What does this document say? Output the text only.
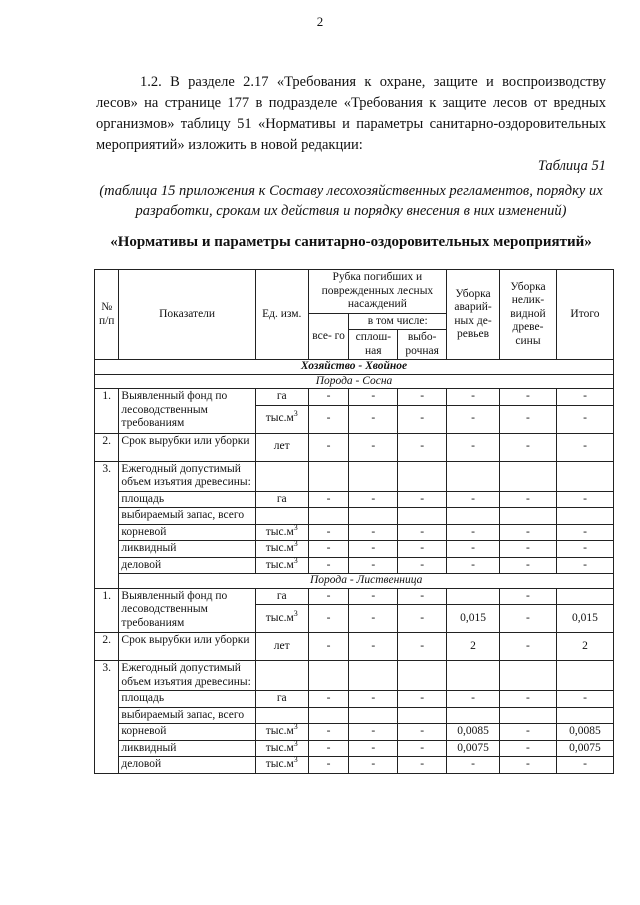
2
1.2. В разделе 2.17 «Требования к охране, защите и воспроизводству лесов» на странице 177 в подразделе «Требования к защите лесов от вредных организмов» таблицу 51 «Нормативы и параметры санитарно-оздоровительных мероприятий» изложить в новой редакции:
Таблица 51
(таблица 15 приложения к Составу лесохозяйственных регламентов, порядку их разработки, срокам их действия и порядку внесения в них изменений)
«Нормативы и параметры санитарно-оздоровительных мероприятий»
№ п/п	Показатели	Ед. изм.	Рубка погибших и поврежденных лесных насаждений			Уборка аварий- ных де- ревьев	Уборка нелик- видной древе- сины	Итого
			все- го	в том числе:				
				сплош- ная	выбо- рочная			
Хозяйство - Хвойное								
Порода - Сосна								
1.	Выявленный фонд по лесоводственным требованиям	га	-	-	-	-	-	-
		$тыс.м^3$	-	-	-	-	-	-
2.	Срок вырубки или уборки	лет	-	-	-	-	-	-
3.	Ежегодный допустимый объем изъятия древесины:							
	площадь	га	-	-	-	-	-	-
	выбираемый запас, всего							
	корневой	$тыс.м^3$	-	-	-	-	-	-
	ликвидный	$тыс.м^3$	-	-	-	-	-	-
	деловой	$тыс.м^3$	-	-	-	-	-	-
	Порода - Лиственница							
1.	Выявленный фонд по лесоводственным требованиям	га	-	-	-		-	
		$тыс.м^3$	-	-	-	0,015	-	0,015
2.	Срок вырубки или уборки	лет	-	-	-	2	-	2
3.	Ежегодный допустимый объем изъятия древесины:							
	площадь	га	-	-	-	-	-	-
	выбираемый запас, всего							
	корневой	$тыс.м^3$	-	-	-	0,0085	-	0,0085
	ликвидный	$тыс.м^3$	-	-	-	0,0075	-	0,0075
	деловой	$тыс.м^3$	-	-	-	-	-	-
